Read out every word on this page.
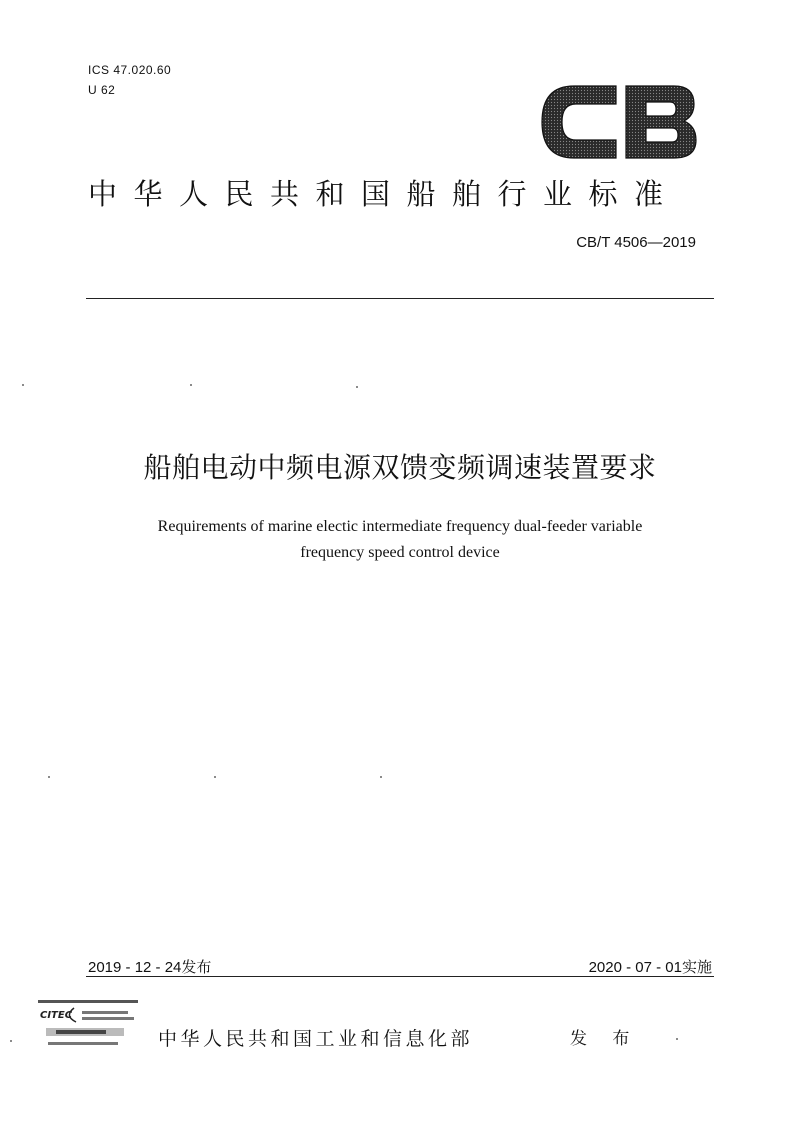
ICS 47.020.60
U 62
中华人民共和国船舶行业标准
CB/T 4506—2019
船舶电动中频电源双馈变频调速装置要求
Requirements of marine electic intermediate frequency dual-feeder variable
frequency speed control device
2019 - 12 - 24发布	2020 - 07 - 01实施
CITEC
中华人民共和国工业和信息化部	发 布
